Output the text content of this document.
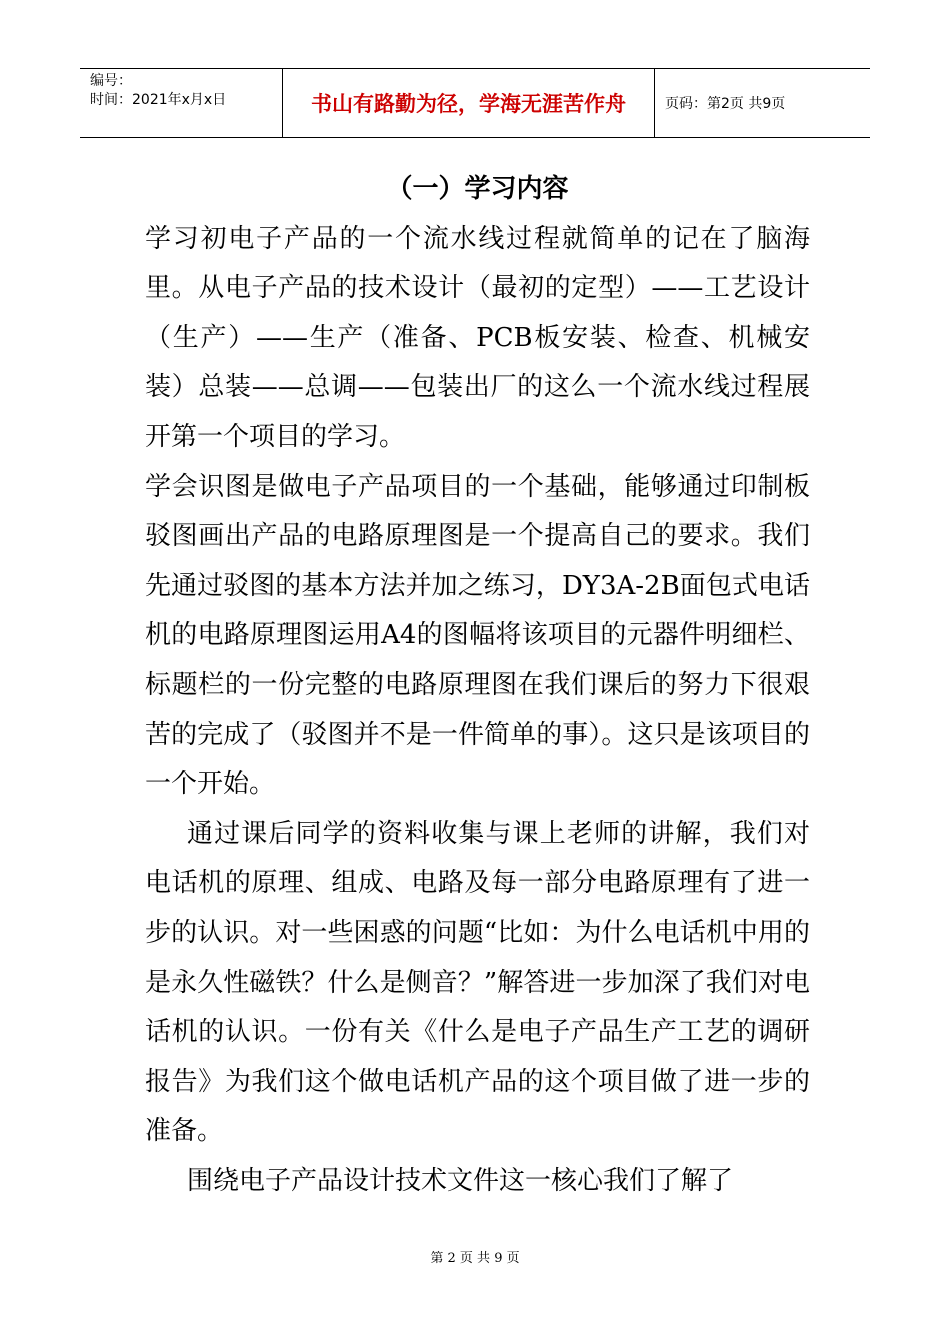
编号：
时间：2021年x月x日	书山有路勤为径，学海无涯苦作舟	页码：第2页 共9页
（一）学习内容

学习初电子产品的一个流水线过程就简单的记在了脑海里。从电子产品的技术设计（最初的定型）——工艺设计（生产）——生产（准备、PCB板安装、检查、机械安装）总装——总调——包装出厂的这么一个流水线过程展开第一个项目的学习。

学会识图是做电子产品项目的一个基础，能够通过印制板驳图画出产品的电路原理图是一个提高自己的要求。我们先通过驳图的基本方法并加之练习，DY3A-2B面包式电话机的电路原理图运用A4的图幅将该项目的元器件明细栏、标题栏的一份完整的电路原理图在我们课后的努力下很艰苦的完成了（驳图并不是一件简单的事）。这只是该项目的一个开始。

通过课后同学的资料收集与课上老师的讲解，我们对电话机的原理、组成、电路及每一部分电路原理有了进一步的认识。对一些困惑的问题“比如：为什么电话机中用的是永久性磁铁？什么是侧音？”解答进一步加深了我们对电话机的认识。一份有关《什么是电子产品生产工艺的调研报告》为我们这个做电话机产品的这个项目做了进一步的准备。

围绕电子产品设计技术文件这一核心我们了解了

第 2 页 共 9 页
